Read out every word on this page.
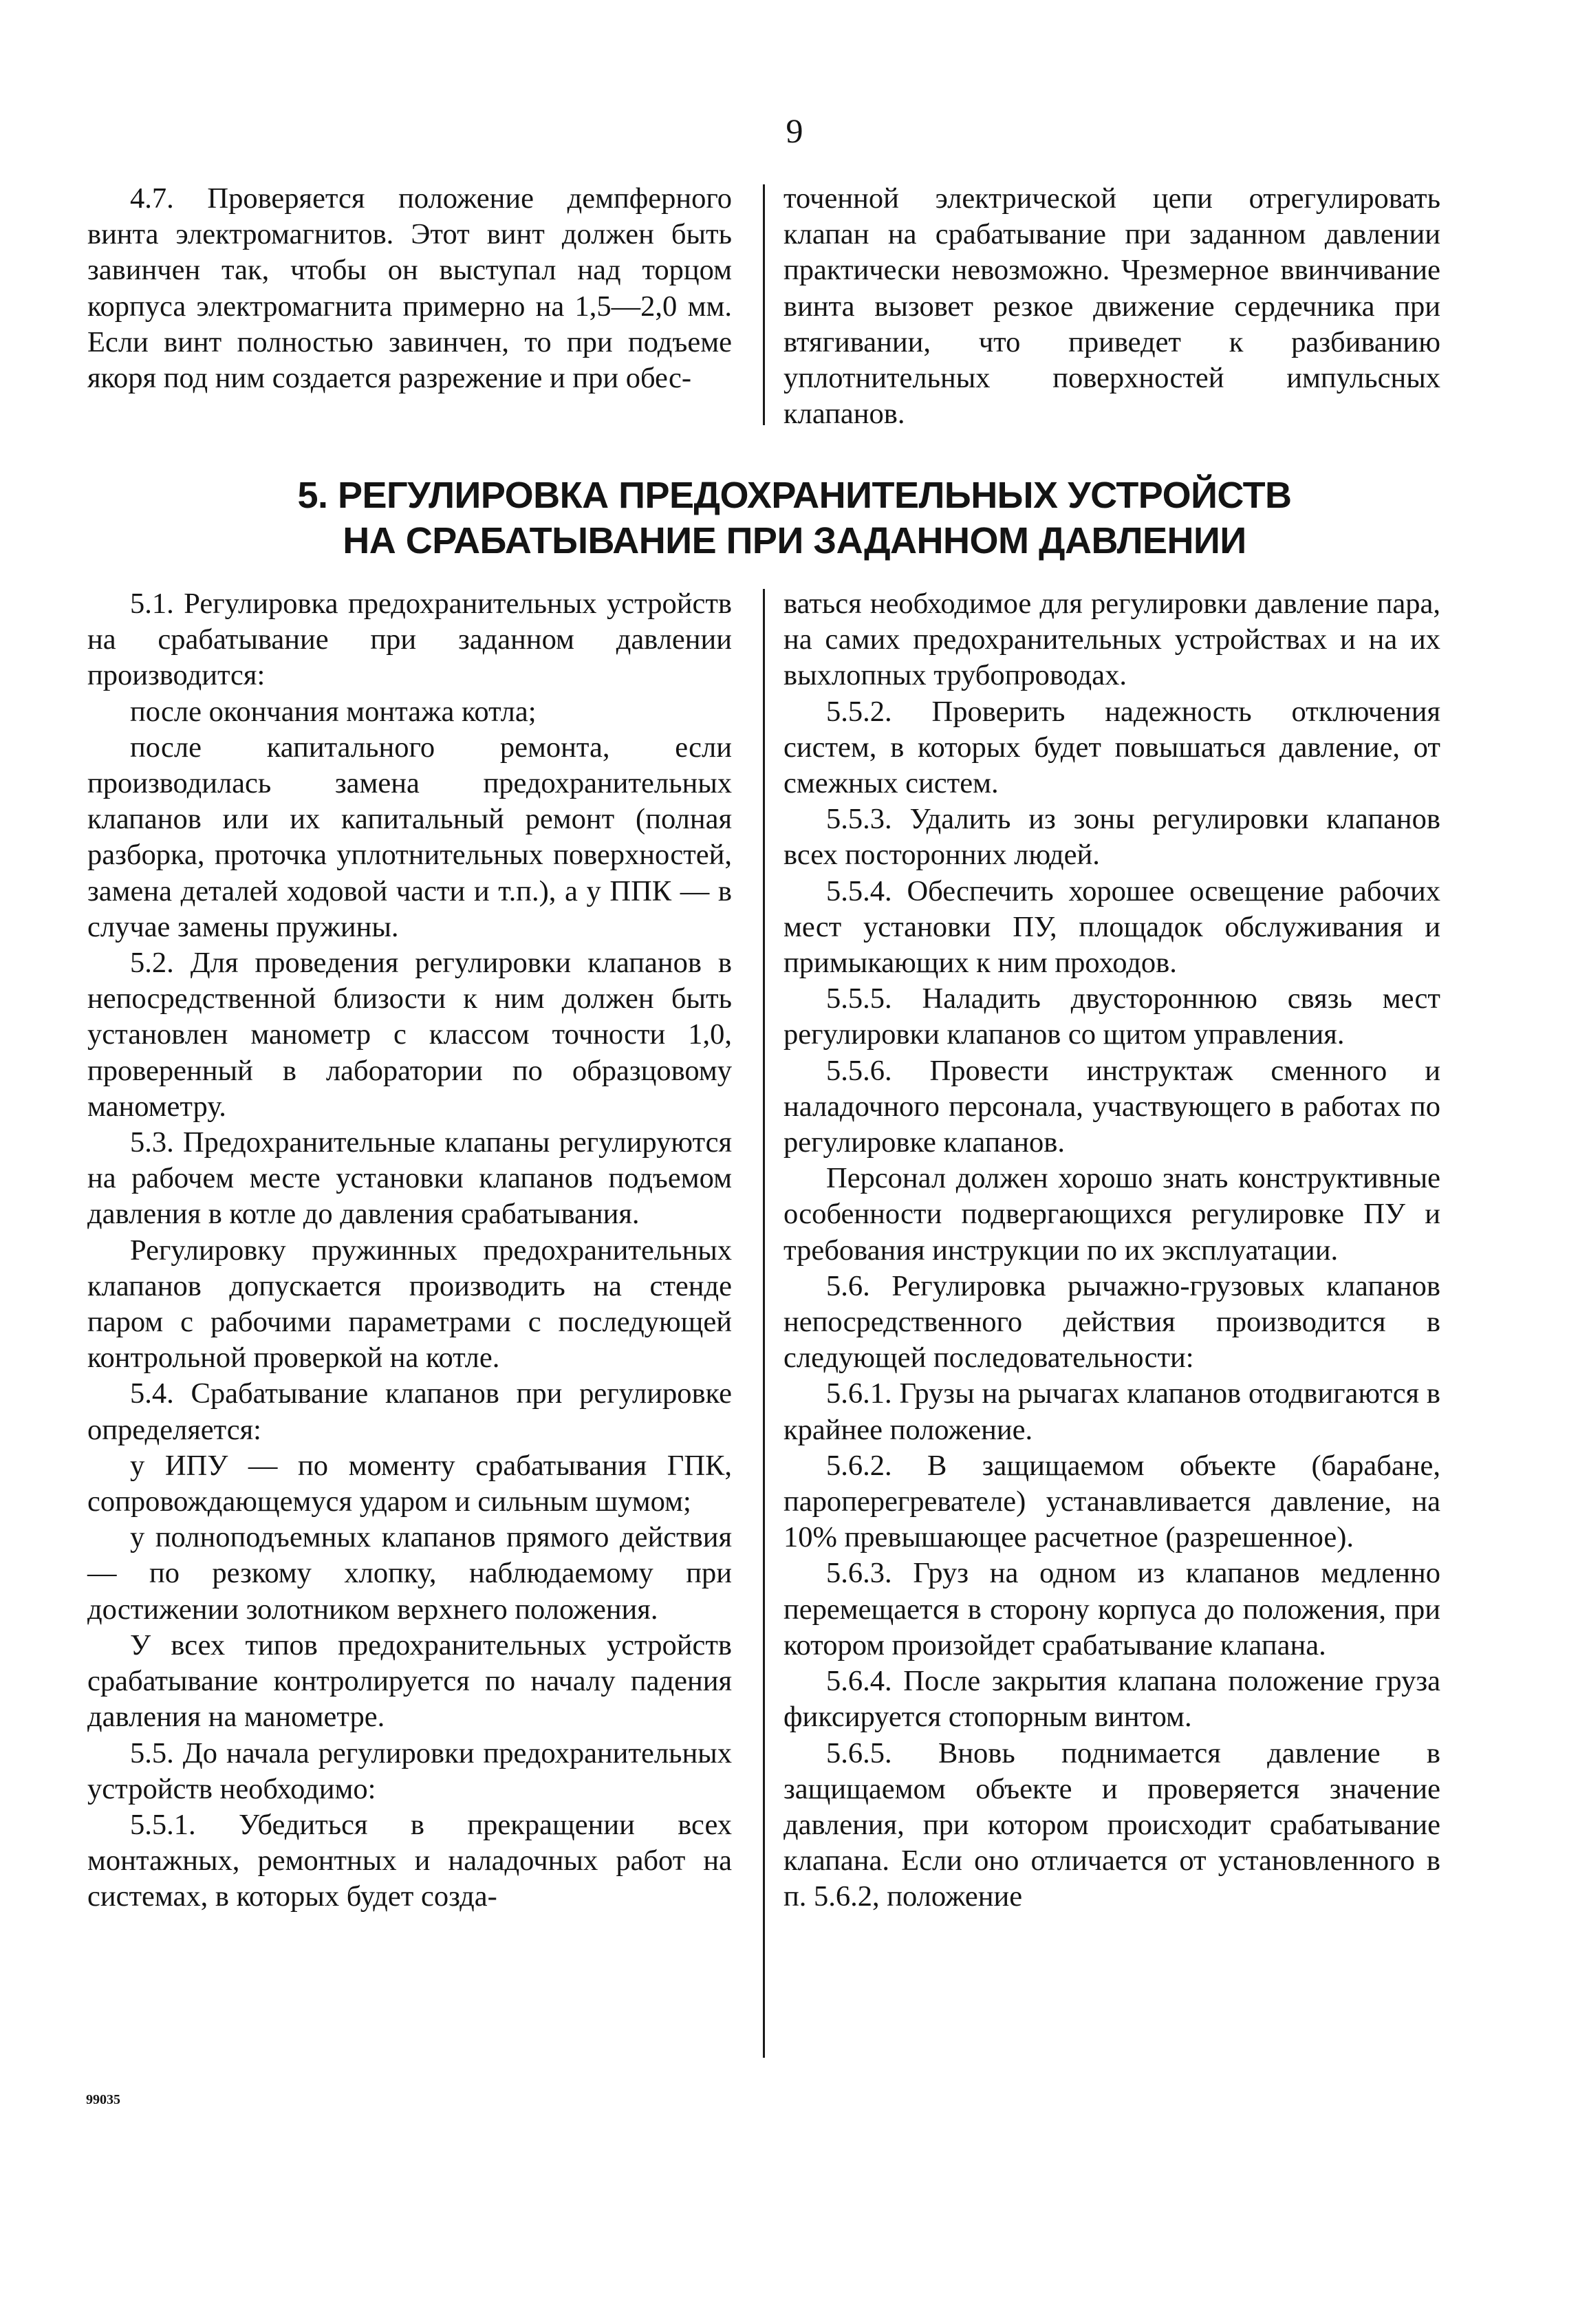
9

4.7. Проверяется положение демпферного винта электромагнитов. Этот винт должен быть завинчен так, чтобы он выступал над торцом корпуса электромагнита примерно на 1,5—2,0 мм. Если винт полностью завинчен, то при подъеме якоря под ним создается разрежение и при обес-

точенной электрической цепи отрегулировать клапан на срабатывание при заданном давлении практически невозможно. Чрезмерное ввинчивание винта вызовет резкое движение сердечника при втягивании, что приведет к разбиванию уплотнительных поверхностей импульсных клапанов.

5. РЕГУЛИРОВКА ПРЕДОХРАНИТЕЛЬНЫХ УСТРОЙСТВ
НА СРАБАТЫВАНИЕ ПРИ ЗАДАННОМ ДАВЛЕНИИ

5.1. Регулировка предохранительных устройств на срабатывание при заданном давлении производится:

после окончания монтажа котла;

после капитального ремонта, если производилась замена предохранительных клапанов или их капитальный ремонт (полная разборка, проточка уплотнительных поверхностей, замена деталей ходовой части и т.п.), а у ППК — в случае замены пружины.

5.2. Для проведения регулировки клапанов в непосредственной близости к ним должен быть установлен манометр с классом точности 1,0, проверенный в лаборатории по образцовому манометру.

5.3. Предохранительные клапаны регулируются на рабочем месте установки клапанов подъемом давления в котле до давления срабатывания.

Регулировку пружинных предохранительных клапанов допускается производить на стенде паром с рабочими параметрами с последующей контрольной проверкой на котле.

5.4. Срабатывание клапанов при регулировке определяется:

у ИПУ — по моменту срабатывания ГПК, сопровождающемуся ударом и сильным шумом;

у полноподъемных клапанов прямого действия — по резкому хлопку, наблюдаемому при достижении золотником верхнего положения.

У всех типов предохранительных устройств срабатывание контролируется по началу падения давления на манометре.

5.5. До начала регулировки предохранительных устройств необходимо:

5.5.1. Убедиться в прекращении всех монтажных, ремонтных и наладочных работ на системах, в которых будет созда-

ваться необходимое для регулировки давление пара, на самих предохранительных устройствах и на их выхлопных трубопроводах.

5.5.2. Проверить надежность отключения систем, в которых будет повышаться давление, от смежных систем.

5.5.3. Удалить из зоны регулировки клапанов всех посторонних людей.

5.5.4. Обеспечить хорошее освещение рабочих мест установки ПУ, площадок обслуживания и примыкающих к ним проходов.

5.5.5. Наладить двустороннюю связь мест регулировки клапанов со щитом управления.

5.5.6. Провести инструктаж сменного и наладочного персонала, участвующего в работах по регулировке клапанов.

Персонал должен хорошо знать конструктивные особенности подвергающихся регулировке ПУ и требования инструкции по их эксплуатации.

5.6. Регулировка рычажно-грузовых клапанов непосредственного действия производится в следующей последовательности:

5.6.1. Грузы на рычагах клапанов отодвигаются в крайнее положение.

5.6.2. В защищаемом объекте (барабане, пароперегревателе) устанавливается давление, на 10% превышающее расчетное (разрешенное).

5.6.3. Груз на одном из клапанов медленно перемещается в сторону корпуса до положения, при котором произойдет срабатывание клапана.

5.6.4. После закрытия клапана положение груза фиксируется стопорным винтом.

5.6.5. Вновь поднимается давление в защищаемом объекте и проверяется значение давления, при котором происходит срабатывание клапана. Если оно отличается от установленного в п. 5.6.2, положение

99035
